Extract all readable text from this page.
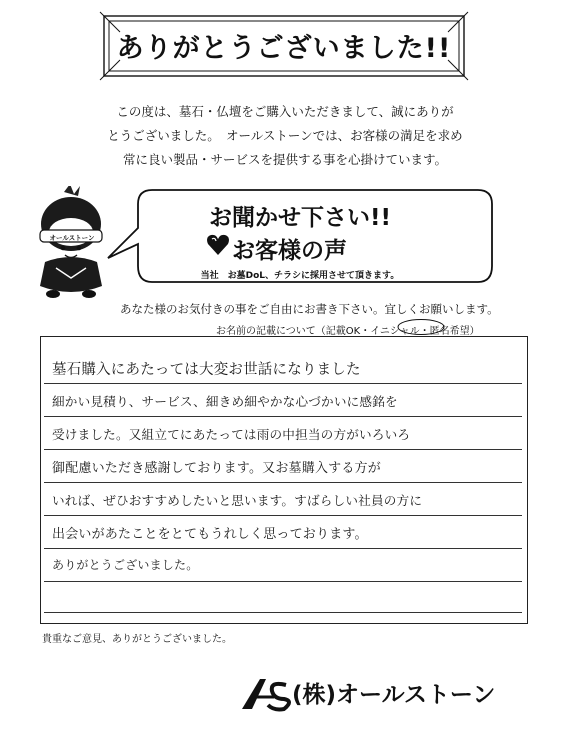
ありがとうございました!!
この度は、墓石・仏壇をご購入いただきまして、誠にありが
とうございました。　オールストーンでは、お客様の満足を求め
常に良い製品・サービスを提供する事を心掛けています。
オールストーン
お聞かせ下さい!!
お客様の声
当社　お墓DoL、チラシに採用させて頂きます。
あなた様のお気付きの事をご自由にお書き下さい。宜しくお願いします。
お名前の記載について（記載OK・イニシャル・匿名希望）
墓石購入にあたっては大変お世話になりました
細かい見積り、サービス、細きめ細やかな心づかいに感銘を
受けました。又組立てにあたっては雨の中担当の方がいろいろ
御配慮いただき感謝しております。又お墓購入する方が
いれば、ぜひおすすめしたいと思います。すばらしい社員の方に
出会いがあたことをとてもうれしく思っております。
ありがとうございました。
貴重なご意見、ありがとうございました。
(株)オールストーン
